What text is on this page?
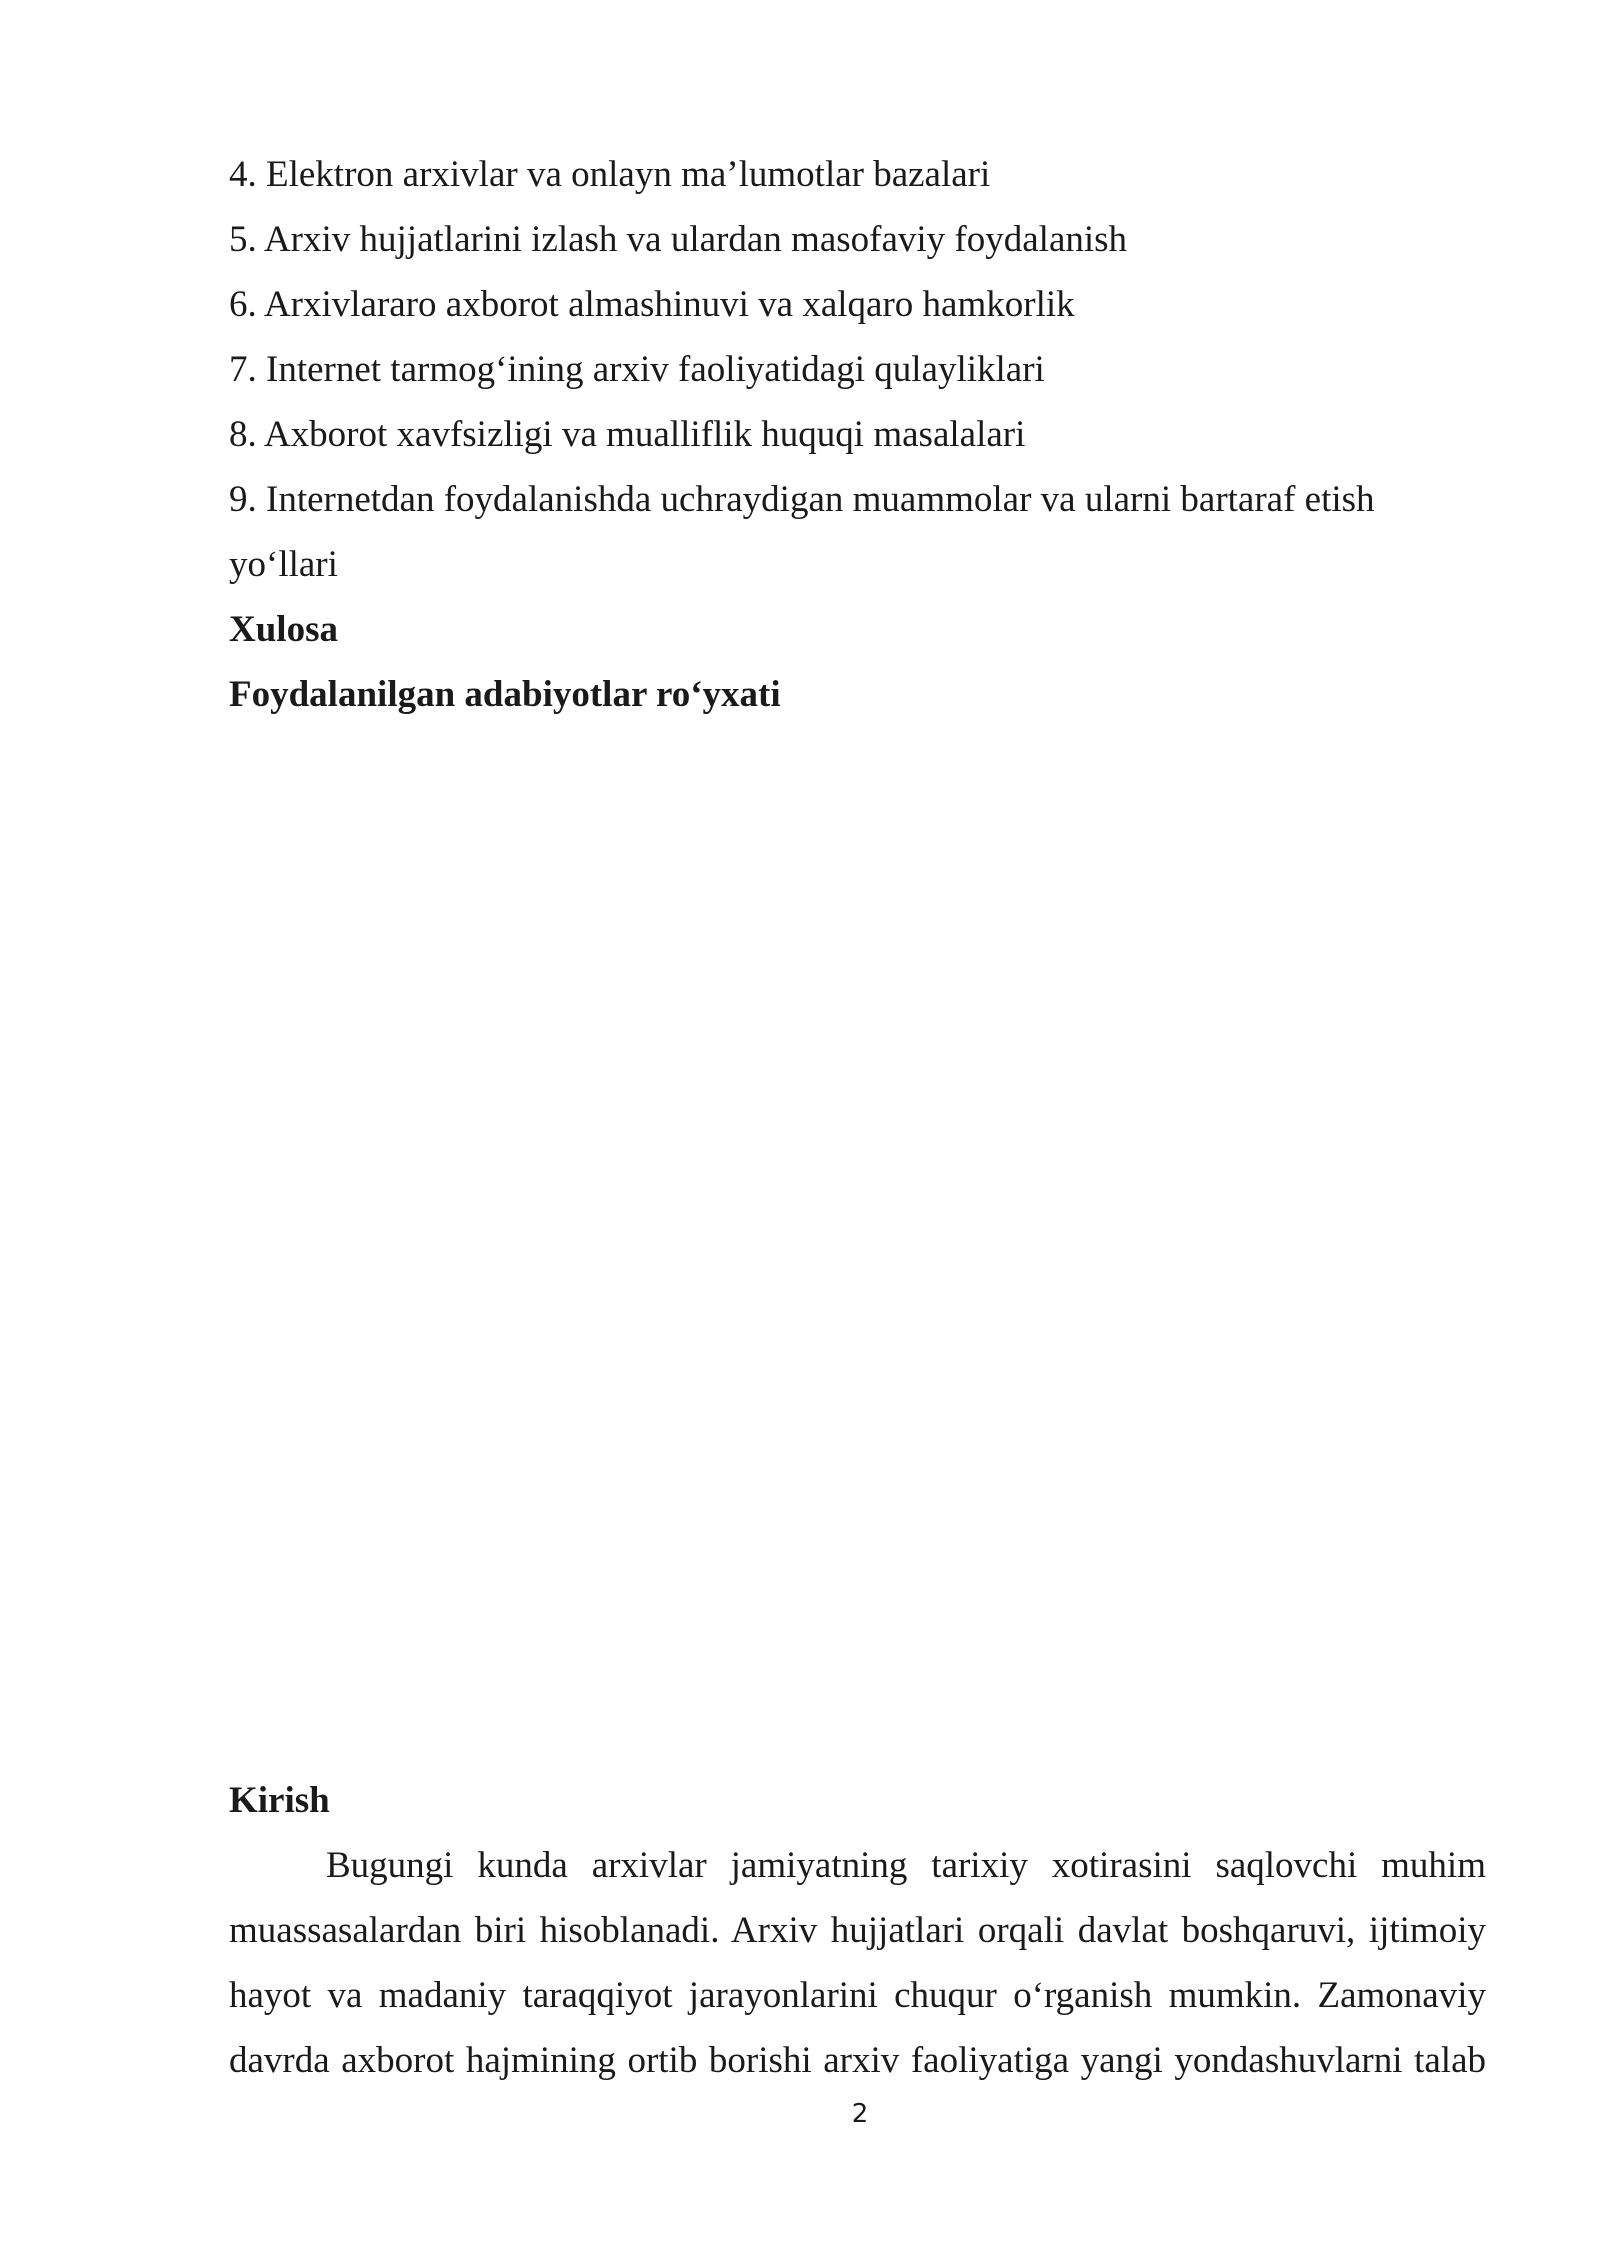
4. Elektron arxivlar va onlayn ma’lumotlar bazalari
5. Arxiv hujjatlarini izlash va ulardan masofaviy foydalanish
6. Arxivlararo axborot almashinuvi va xalqaro hamkorlik
7. Internet tarmog‘ining arxiv faoliyatidagi qulayliklari
8. Axborot xavfsizligi va mualliflik huquqi masalalari
9. Internetdan foydalanishda uchraydigan muammolar va ularni bartaraf etish
yo‘llari
Xulosa
Foydalanilgan adabiyotlar ro‘yxati
Kirish
Bugungi kunda arxivlar jamiyatning tarixiy xotirasini saqlovchi muhim
muassasalardan biri hisoblanadi. Arxiv hujjatlari orqali davlat boshqaruvi, ijtimoiy
hayot va madaniy taraqqiyot jarayonlarini chuqur o‘rganish mumkin. Zamonaviy
davrda axborot hajmining ortib borishi arxiv faoliyatiga yangi yondashuvlarni talab
2
